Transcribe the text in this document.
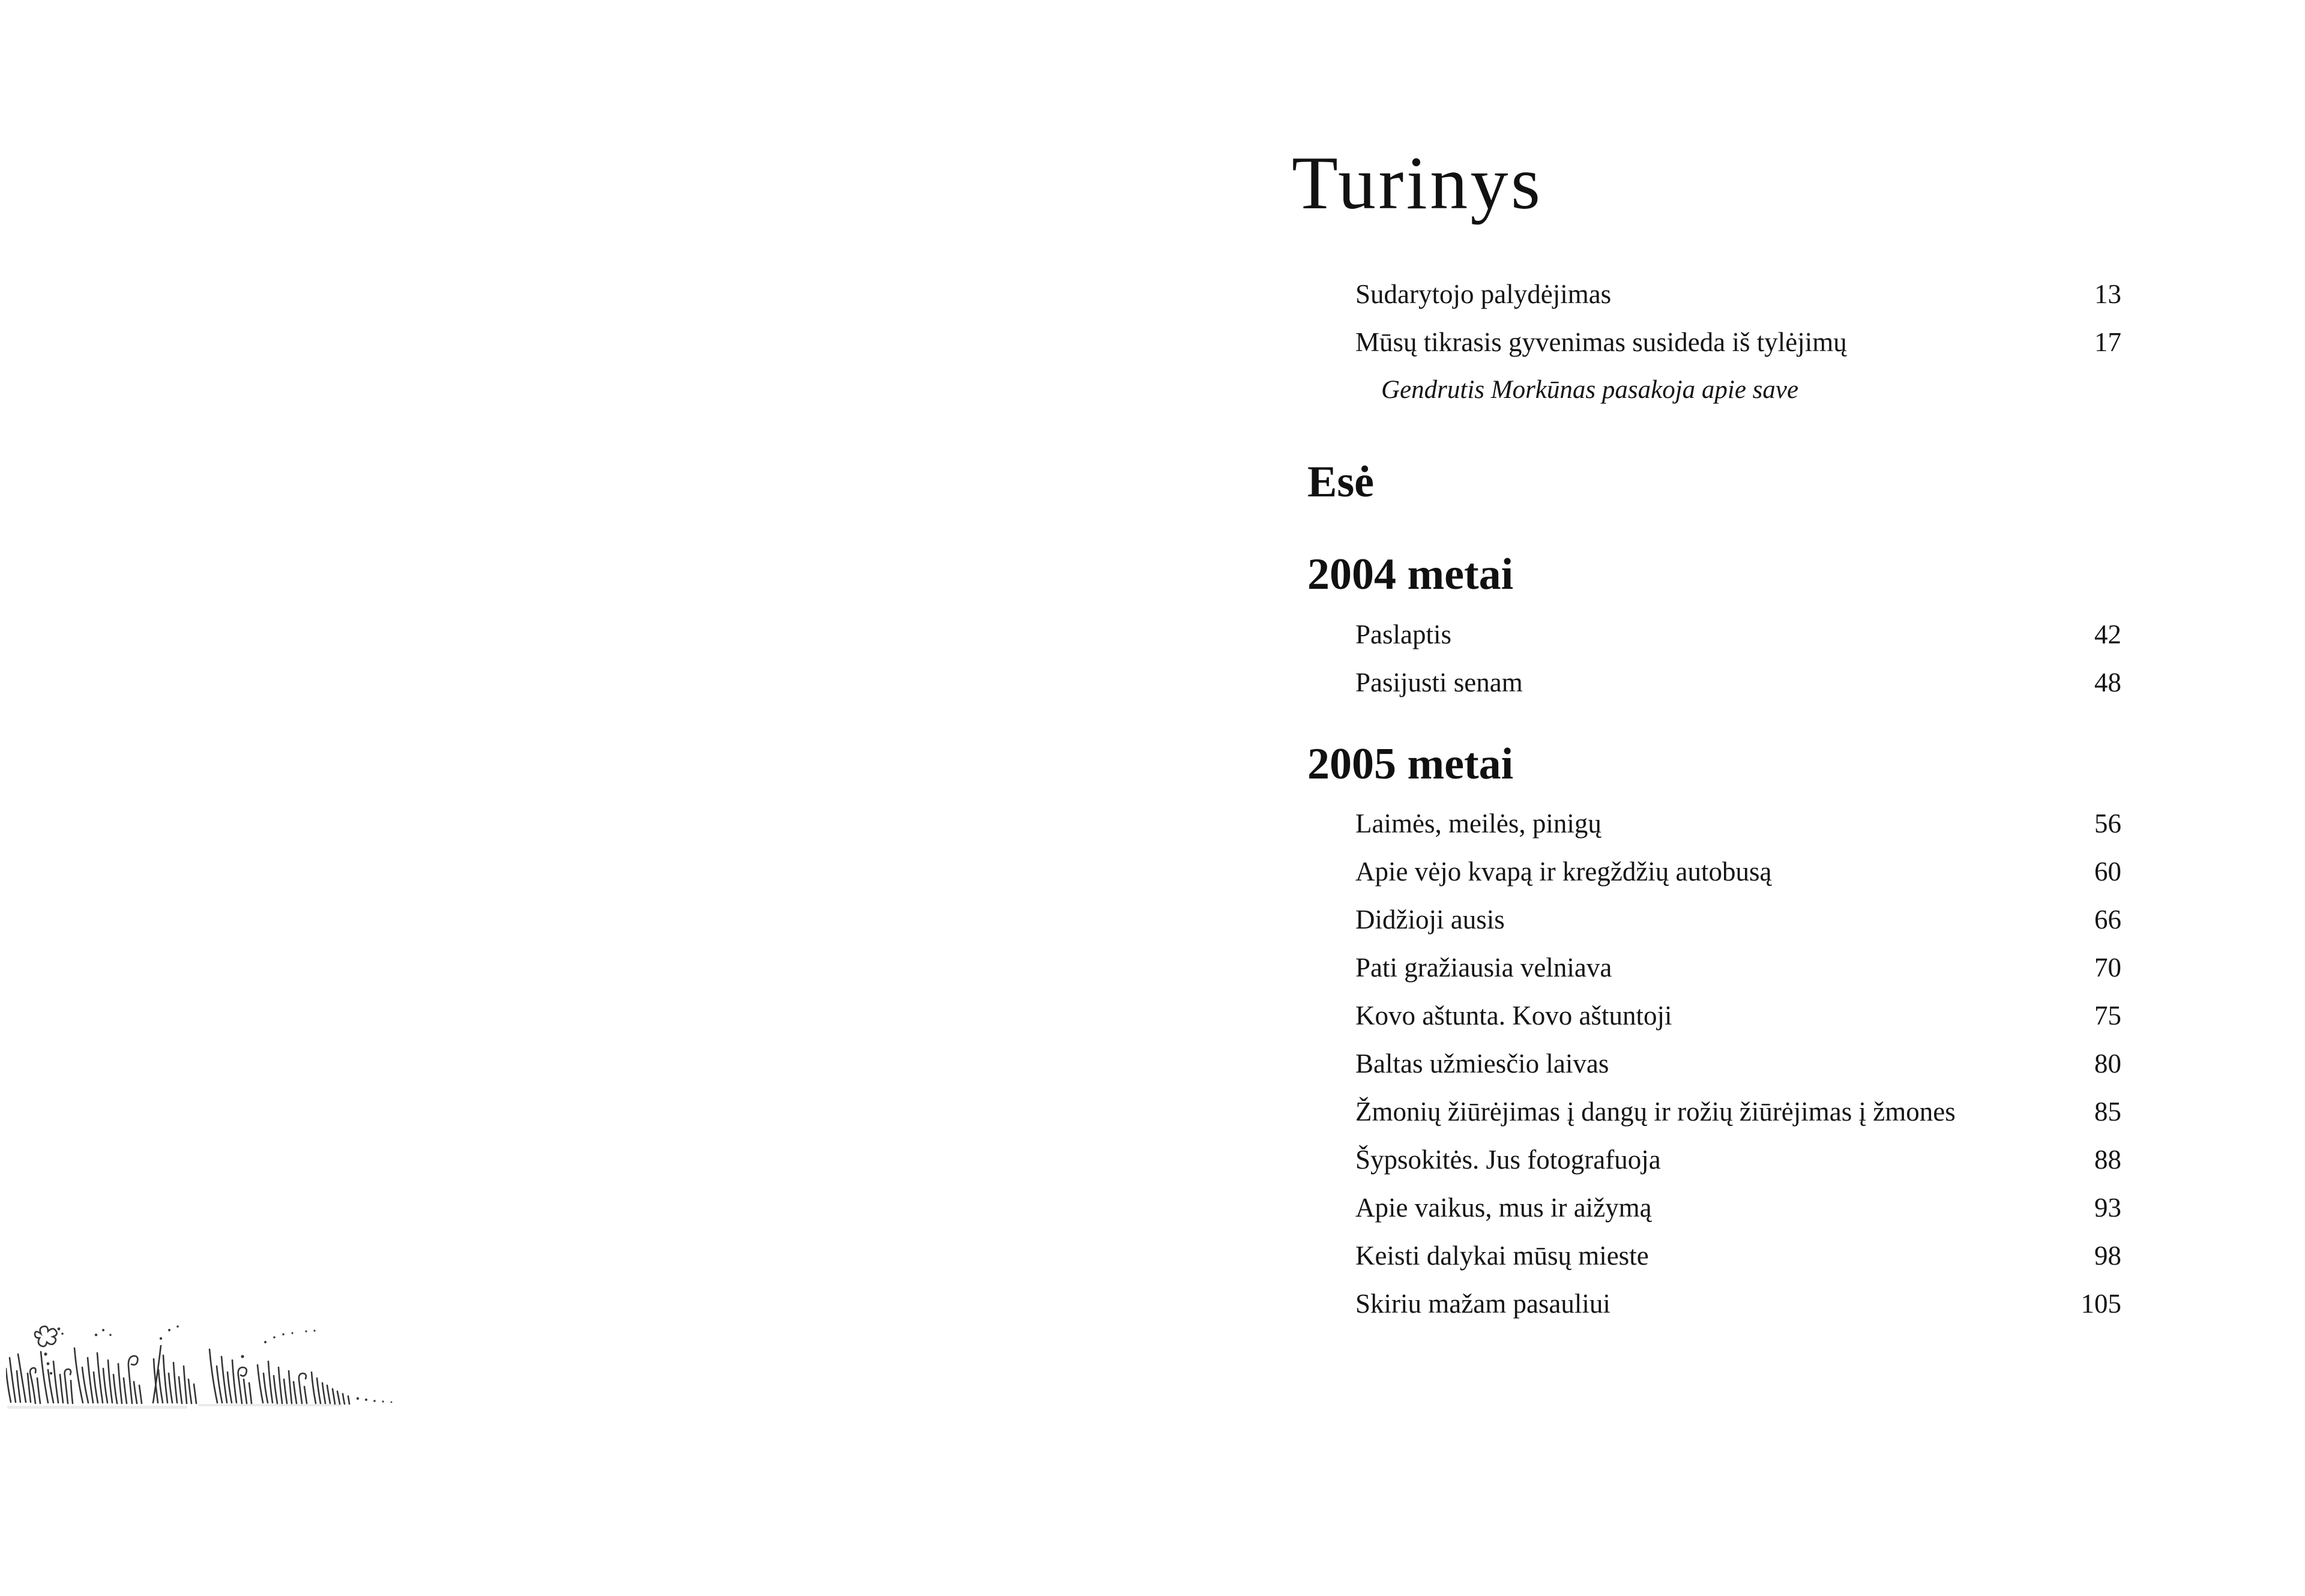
Turinys
Sudarytojo palydėjimas	13
Mūsų tikrasis gyvenimas susideda iš tylėjimų	17
Gendrutis Morkūnas pasakoja apie save
Esė
2004 metai
Paslaptis	42
Pasijusti senam	48
2005 metai
Laimės, meilės, pinigų	56
Apie vėjo kvapą ir kregždžių autobusą	60
Didžioji ausis	66
Pati gražiausia velniava	70
Kovo aštunta. Kovo aštuntoji	75
Baltas užmiesčio laivas	80
Žmonių žiūrėjimas į dangų ir rožių žiūrėjimas į žmones	85
Šypsokitės. Jus fotografuoja	88
Apie vaikus, mus ir aižymą	93
Keisti dalykai mūsų mieste	98
Skiriu mažam pasauliui	105
